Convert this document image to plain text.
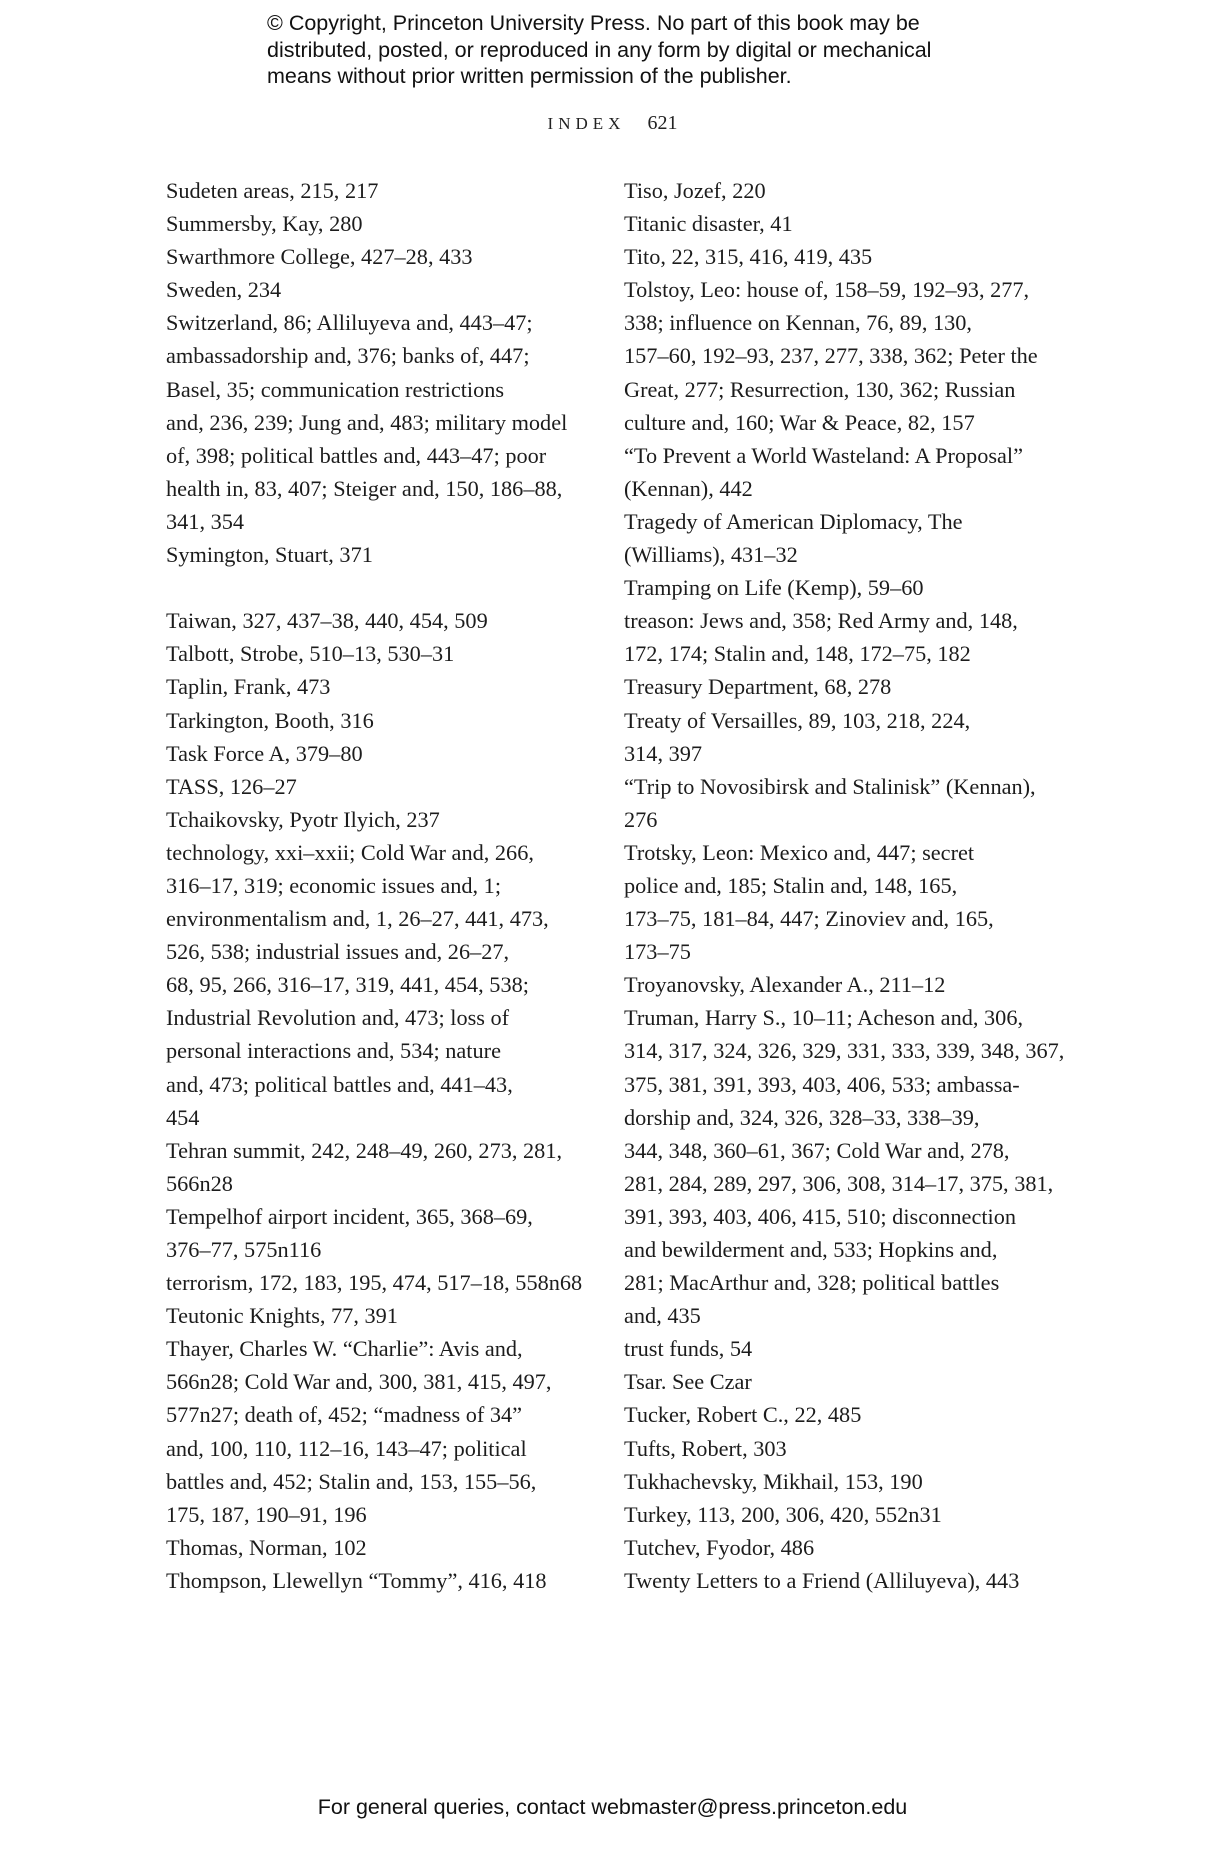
© Copyright, Princeton University Press. No part of this book may be
distributed, posted, or reproduced in any form by digital or mechanical
means without prior written permission of the publisher.
INDEX 621
Sudeten areas, 215, 217
Summersby, Kay, 280
Swarthmore College, 427–28, 433
Sweden, 234
Switzerland, 86; Alliluyeva and, 443–47;
ambassadorship and, 376; banks of, 447;
Basel, 35; communication restrictions
and, 236, 239; Jung and, 483; military model
of, 398; political battles and, 443–47; poor
health in, 83, 407; Steiger and, 150, 186–88,
341, 354
Symington, Stuart, 371
Taiwan, 327, 437–38, 440, 454, 509
Talbott, Strobe, 510–13, 530–31
Taplin, Frank, 473
Tarkington, Booth, 316
Task Force A, 379–80
TASS, 126–27
Tchaikovsky, Pyotr Ilyich, 237
technology, xxi–xxii; Cold War and, 266,
316–17, 319; economic issues and, 1;
environmentalism and, 1, 26–27, 441, 473,
526, 538; industrial issues and, 26–27,
68, 95, 266, 316–17, 319, 441, 454, 538;
Industrial Revolution and, 473; loss of
personal interactions and, 534; nature
and, 473; political battles and, 441–43,
454
Tehran summit, 242, 248–49, 260, 273, 281,
566n28
Tempelhof airport incident, 365, 368–69,
376–77, 575n116
terrorism, 172, 183, 195, 474, 517–18, 558n68
Teutonic Knights, 77, 391
Thayer, Charles W. “Charlie”: Avis and,
566n28; Cold War and, 300, 381, 415, 497,
577n27; death of, 452; “madness of 34”
and, 100, 110, 112–16, 143–47; political
battles and, 452; Stalin and, 153, 155–56,
175, 187, 190–91, 196
Thomas, Norman, 102
Thompson, Llewellyn “Tommy”, 416, 418
Tiso, Jozef, 220
Titanic disaster, 41
Tito, 22, 315, 416, 419, 435
Tolstoy, Leo: house of, 158–59, 192–93, 277,
338; influence on Kennan, 76, 89, 130,
157–60, 192–93, 237, 277, 338, 362; Peter the
Great, 277; Resurrection, 130, 362; Russian
culture and, 160; War & Peace, 82, 157
“To Prevent a World Wasteland: A Proposal”
(Kennan), 442
Tragedy of American Diplomacy, The
(Williams), 431–32
Tramping on Life (Kemp), 59–60
treason: Jews and, 358; Red Army and, 148,
172, 174; Stalin and, 148, 172–75, 182
Treasury Department, 68, 278
Treaty of Versailles, 89, 103, 218, 224,
314, 397
“Trip to Novosibirsk and Stalinisk” (Kennan),
276
Trotsky, Leon: Mexico and, 447; secret
police and, 185; Stalin and, 148, 165,
173–75, 181–84, 447; Zinoviev and, 165,
173–75
Troyanovsky, Alexander A., 211–12
Truman, Harry S., 10–11; Acheson and, 306,
314, 317, 324, 326, 329, 331, 333, 339, 348, 367,
375, 381, 391, 393, 403, 406, 533; ambassa-
dorship and, 324, 326, 328–33, 338–39,
344, 348, 360–61, 367; Cold War and, 278,
281, 284, 289, 297, 306, 308, 314–17, 375, 381,
391, 393, 403, 406, 415, 510; disconnection
and bewilderment and, 533; Hopkins and,
281; MacArthur and, 328; political battles
and, 435
trust funds, 54
Tsar. See Czar
Tucker, Robert C., 22, 485
Tufts, Robert, 303
Tukhachevsky, Mikhail, 153, 190
Turkey, 113, 200, 306, 420, 552n31
Tutchev, Fyodor, 486
Twenty Letters to a Friend (Alliluyeva), 443
For general queries, contact webmaster@press.princeton.edu
